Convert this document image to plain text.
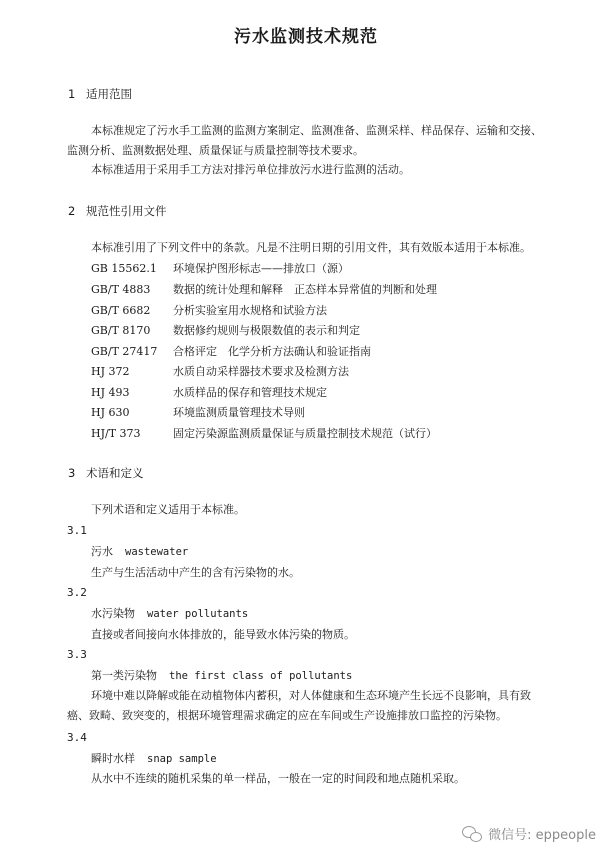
污水监测技术规范
1 适用范围
本标准规定了污水手工监测的监测方案制定、监测准备、监测采样、样品保存、运输和交接、
监测分析、监测数据处理、质量保证与质量控制等技术要求。
本标准适用于采用手工方法对排污单位排放污水进行监测的活动。
2 规范性引用文件
本标准引用了下列文件中的条款。凡是不注明日期的引用文件，其有效版本适用于本标准。
GB 15562.1 环境保护图形标志——排放口（源）
GB/T 4883 数据的统计处理和解释　正态样本异常值的判断和处理
GB/T 6682 分析实验室用水规格和试验方法
GB/T 8170 数据修约规则与极限数值的表示和判定
GB/T 27417 合格评定　化学分析方法确认和验证指南
HJ 372	水质自动采样器技术要求及检测方法
HJ 493	水质样品的保存和管理技术规定
HJ 630	环境监测质量管理技术导则
HJ/T 373	固定污染源监测质量保证与质量控制技术规范（试行）
3 术语和定义
下列术语和定义适用于本标准。
3.1
污水 wastewater
生产与生活活动中产生的含有污染物的水。
3.2
水污染物 water pollutants
直接或者间接向水体排放的，能导致水体污染的物质。
3.3
第一类污染物 the first class of pollutants
环境中难以降解或能在动植物体内蓄积，对人体健康和生态环境产生长远不良影响，具有致
癌、致畸、致突变的，根据环境管理需求确定的应在车间或生产设施排放口监控的污染物。
3.4
瞬时水样 snap sample
从水中不连续的随机采集的单一样品，一般在一定的时间段和地点随机采取。
微信号: eppeople
